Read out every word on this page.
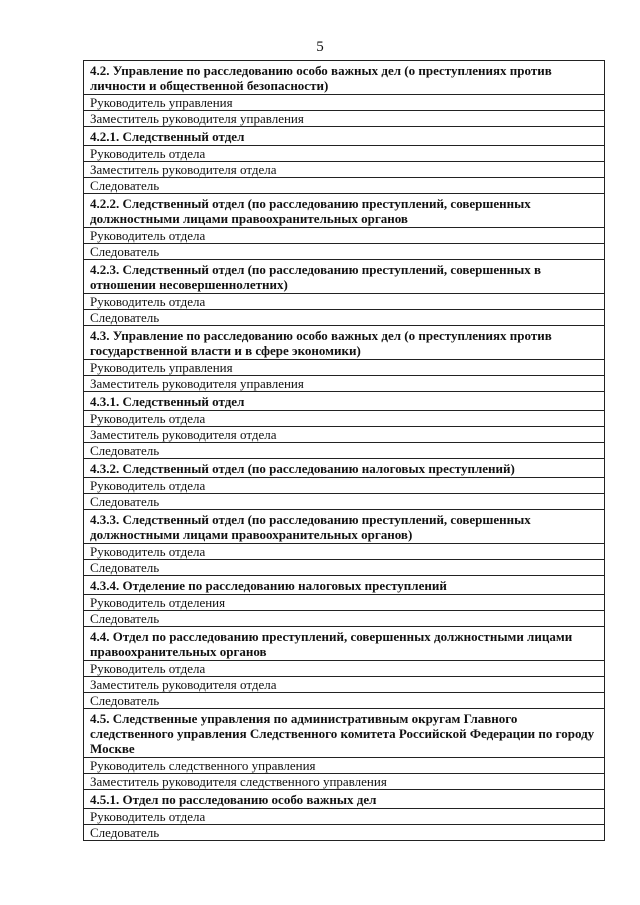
5
4.2. Управление по расследованию особо важных дел (о преступлениях против личности и общественной безопасности)
Руководитель управления
Заместитель руководителя управления
4.2.1. Следственный отдел
Руководитель отдела
Заместитель руководителя отдела
Следователь
4.2.2. Следственный отдел (по расследованию преступлений, совершенных должностными лицами правоохранительных органов
Руководитель отдела
Следователь
4.2.3. Следственный отдел (по расследованию преступлений, совершенных в отношении несовершеннолетних)
Руководитель отдела
Следователь
4.3. Управление по расследованию особо важных дел (о преступлениях против государственной власти и в сфере экономики)
Руководитель управления
Заместитель руководителя управления
4.3.1. Следственный отдел
Руководитель отдела
Заместитель руководителя отдела
Следователь
4.3.2. Следственный отдел (по расследованию налоговых преступлений)
Руководитель отдела
Следователь
4.3.3. Следственный отдел (по расследованию преступлений, совершенных должностными лицами правоохранительных органов)
Руководитель отдела
Следователь
4.3.4. Отделение по расследованию налоговых преступлений
Руководитель отделения
Следователь
4.4. Отдел по расследованию преступлений, совершенных должностными лицами правоохранительных органов
Руководитель отдела
Заместитель руководителя отдела
Следователь
4.5. Следственные управления по административным округам Главного следственного управления Следственного комитета Российской Федерации по городу Москве
Руководитель следственного управления
Заместитель руководителя следственного управления
4.5.1. Отдел по расследованию особо важных дел
Руководитель отдела
Следователь
